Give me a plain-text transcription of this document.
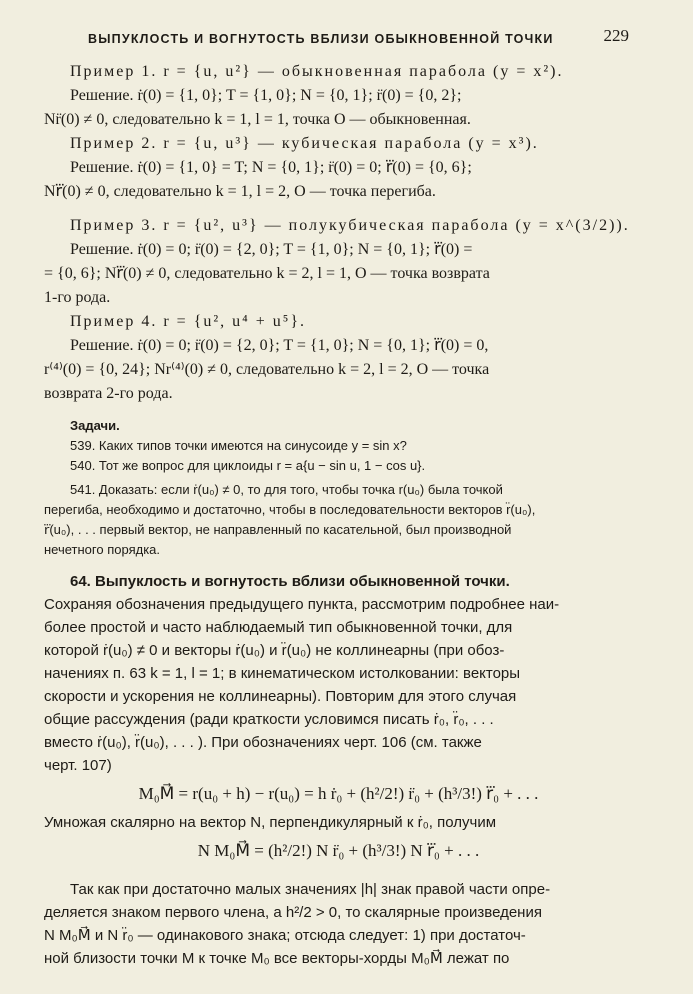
ВЫПУКЛОСТЬ И ВОГНУТОСТЬ ВБЛИЗИ ОБЫКНОВЕННОЙ ТОЧКИ	229
Пример 1. r = {u, u²} — обыкновенная парабола (y = x²).
Решение. ṙ(0) = {1, 0}; T = {1, 0}; N = {0, 1}; r̈(0) = {0, 2};
Nr̈(0) ≠ 0, следовательно k = 1, l = 1, точка O — обыкновенная.
Пример 2. r = {u, u³} — кубическая парабола (y = x³).
Решение. ṙ(0) = {1, 0} = T; N = {0, 1}; r̈(0) = 0; r⃛(0) = {0, 6};
Nr⃛(0) ≠ 0, следовательно k = 1, l = 2, O — точка перегиба.
Пример 3. r = {u², u³} — полукубическая парабола (y = x^(3/2)).
Решение. ṙ(0) = 0; r̈(0) = {2, 0}; T = {1, 0}; N = {0, 1}; r⃛(0) =
= {0, 6}; Nr⃛(0) ≠ 0, следовательно k = 2, l = 1, O — точка возврата
1-го рода.
Пример 4. r = {u², u⁴ + u⁵}.
Решение. ṙ(0) = 0; r̈(0) = {2, 0}; T = {1, 0}; N = {0, 1}; r⃛(0) = 0,
r⁽⁴⁾(0) = {0, 24}; Nr⁽⁴⁾(0) ≠ 0, следовательно k = 2, l = 2, O — точка
возврата 2-го рода.
Задачи.
539. Каких типов точки имеются на синусоиде y = sin x?
540. Тот же вопрос для циклоиды r = a{u − sin u, 1 − cos u}.
541. Доказать: если ṙ(u₀) ≠ 0, то для того, чтобы точка r(u₀) была точкой
перегиба, необходимо и достаточно, чтобы в последовательности векторов r̈(u₀),
r⃛(u₀), . . . первый вектор, не направленный по касательной, был производной
нечетного порядка.
64. Выпуклость и вогнутость вблизи обыкновенной точки.
Сохраняя обозначения предыдущего пункта, рассмотрим подробнее наи-
более простой и часто наблюдаемый тип обыкновенной точки, для
которой ṙ(u₀) ≠ 0 и векторы ṙ(u₀) и r̈(u₀) не коллинеарны (при обоз-
начениях п. 63 k = 1, l = 1; в кинематическом истолковании: векторы
скорости и ускорения не коллинеарны). Повторим для этого случая
общие рассуждения (ради краткости условимся писать ṙ₀, r̈₀, . . .
вместо ṙ(u₀), r̈(u₀), . . . ). При обозначениях черт. 106 (см. также
черт. 107)
M₀M⃗ = r(u₀ + h) − r(u₀) = h ṙ₀ + (h²/2!) r̈₀ + (h³/3!) r⃛₀ + . . .
Умножая скалярно на вектор N, перпендикулярный к ṙ₀, получим
N M₀M⃗ = (h²/2!) N r̈₀ + (h³/3!) N r⃛₀ + . . .
Так как при достаточно малых значениях |h| знак правой части опре-
деляется знаком первого члена, а h²/2 > 0, то скалярные произведения
N M₀M⃗ и N r̈₀ — одинакового знака; отсюда следует: 1) при достаточ-
ной близости точки M к точке M₀ все векторы-хорды M₀M⃗ лежат по
